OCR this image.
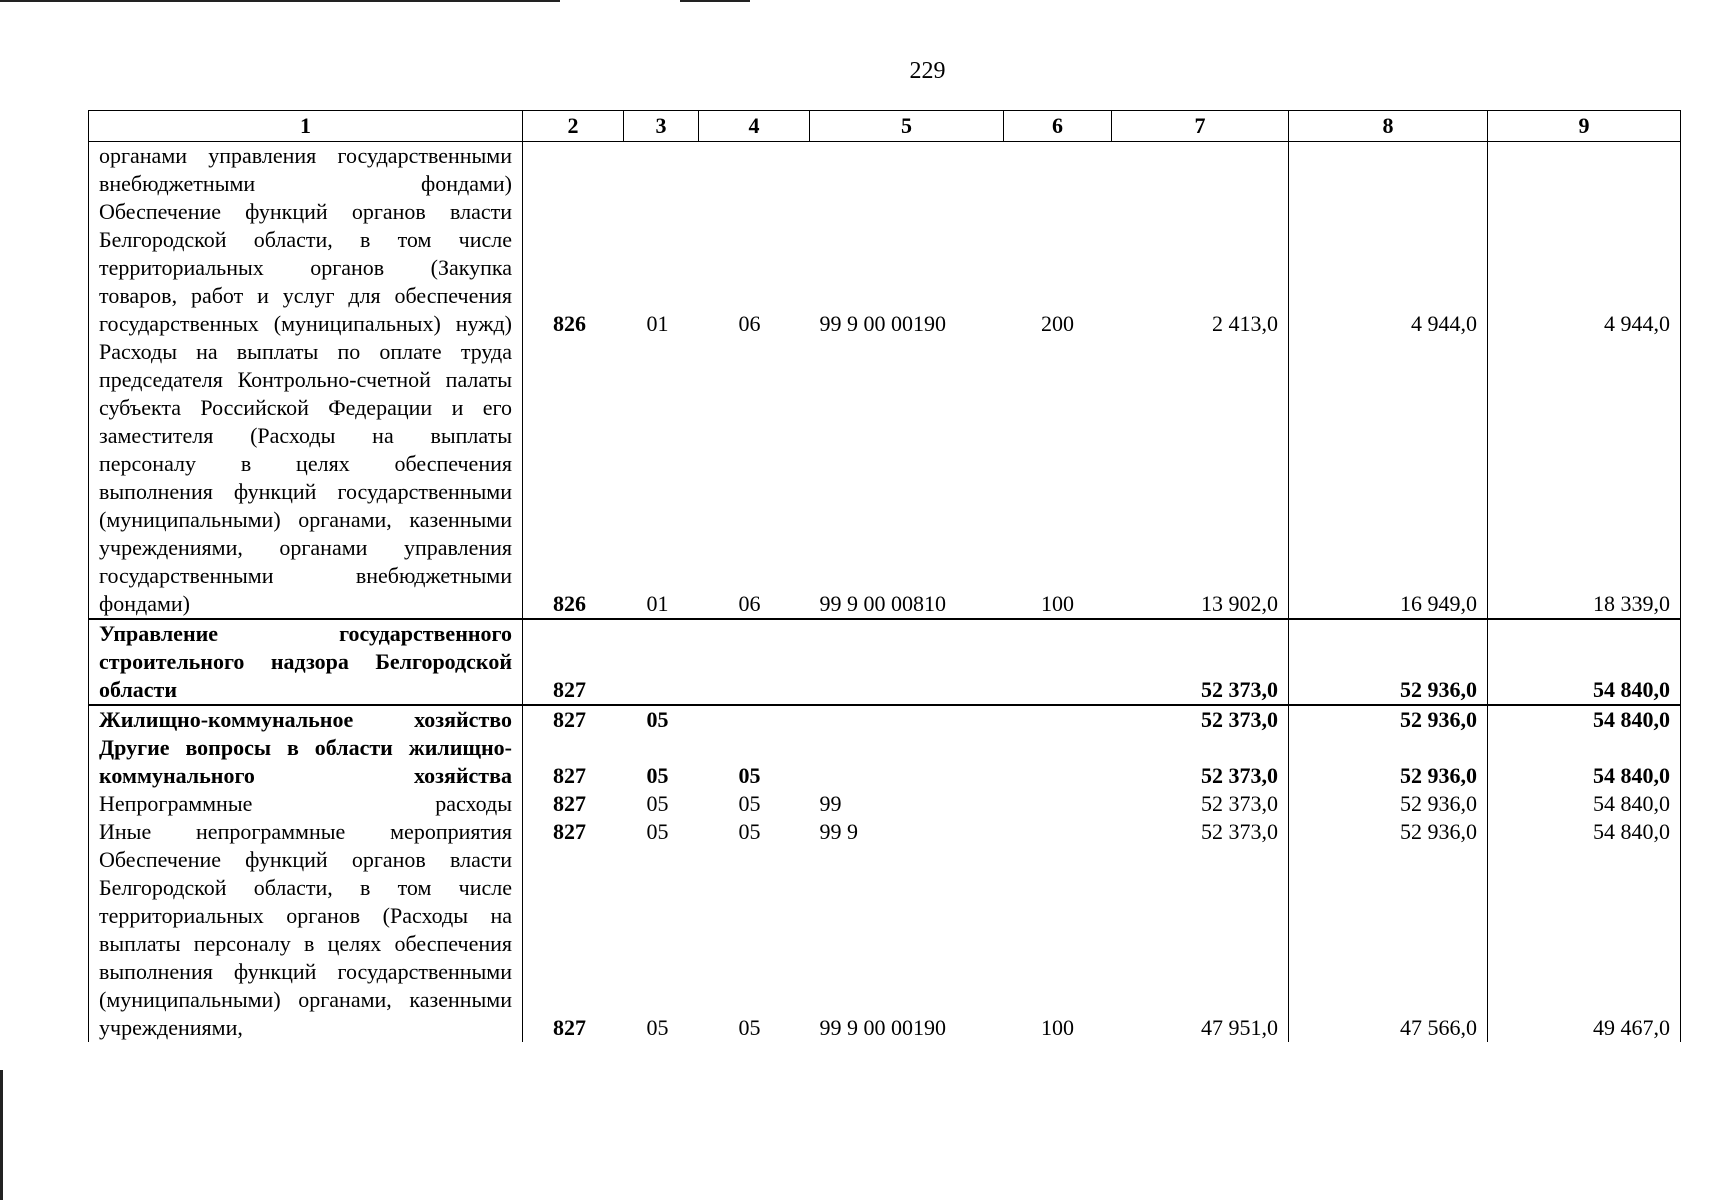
229
1	2	3	4	5	6	7	8	9
органами управления государственными внебюджетными фондами)								
Обеспечение функций органов власти Белгородской области, в том числе территориальных органов (Закупка товаров, работ и услуг для обеспечения государственных (муниципальных) нужд)	826	01	06	99 9 00 00190	200	2 413,0	4 944,0	4 944,0
Расходы на выплаты по оплате труда председателя Контрольно-счетной палаты субъекта Российской Федерации и его заместителя (Расходы на выплаты персоналу в целях обеспечения выполнения функций государственными (муниципальными) органами, казенными учреждениями, органами управления государственными внебюджетными фондами)	826	01	06	99 9 00 00810	100	13 902,0	16 949,0	18 339,0
Управление государственного строительного надзора Белгородской области	827					52 373,0	52 936,0	54 840,0
Жилищно-коммунальное хозяйство	827	05				52 373,0	52 936,0	54 840,0
Другие вопросы в области жилищно-коммунального хозяйства	827	05	05			52 373,0	52 936,0	54 840,0
Непрограммные расходы	827	05	05	99		52 373,0	52 936,0	54 840,0
Иные непрограммные мероприятия	827	05	05	99 9		52 373,0	52 936,0	54 840,0
Обеспечение функций органов власти Белгородской области, в том числе территориальных органов (Расходы на выплаты персоналу в целях обеспечения выполнения функций государственными (муниципальными) органами, казенными учреждениями,	827	05	05	99 9 00 00190	100	47 951,0	47 566,0	49 467,0
